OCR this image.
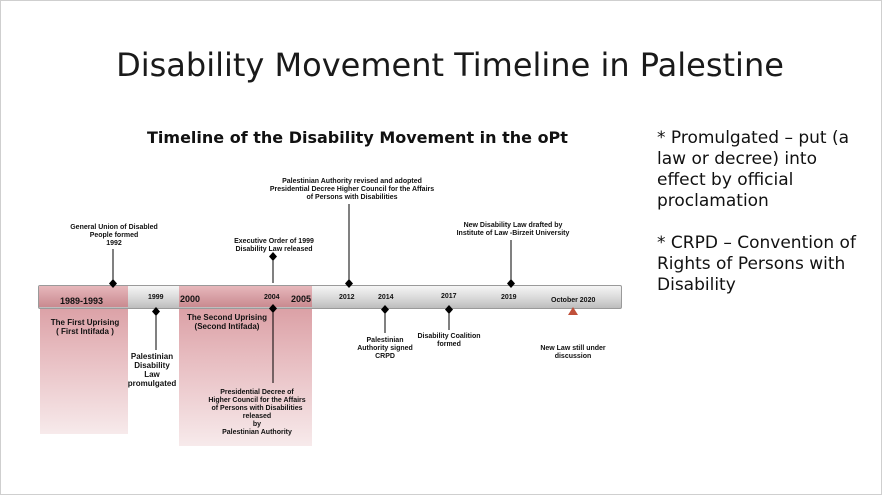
Disability Movement Timeline in Palestine
Timeline of the Disability Movement in the oPt
1989-1993	1999 2000	2004 2005	2012	2014	2017	2019	October 2020
General Union of Disabled
People formed
1992	Executive Order of 1999
Disability Law released
Palestinian Authority revised and adopted
Presidential Decree Higher Council for the Affairs
of Persons with Disabilities
New Disability Law drafted by
Institute of Law -Birzeit University
The First Uprising
( First Intifada )
Palestinian
Disability
Law
promulgated
The Second Uprising
(Second Intifada)
Presidential Decree of
Higher Council for the Affairs
of Persons with Disabilities
released
by
Palestinian Authority
Palestinian
Authority signed
CRPD
Disability Coalition
formed
New Law still under
discussion
* Promulgated – put (a law or decree) into effect by official proclamation
* CRPD – Convention of Rights of Persons with Disability
